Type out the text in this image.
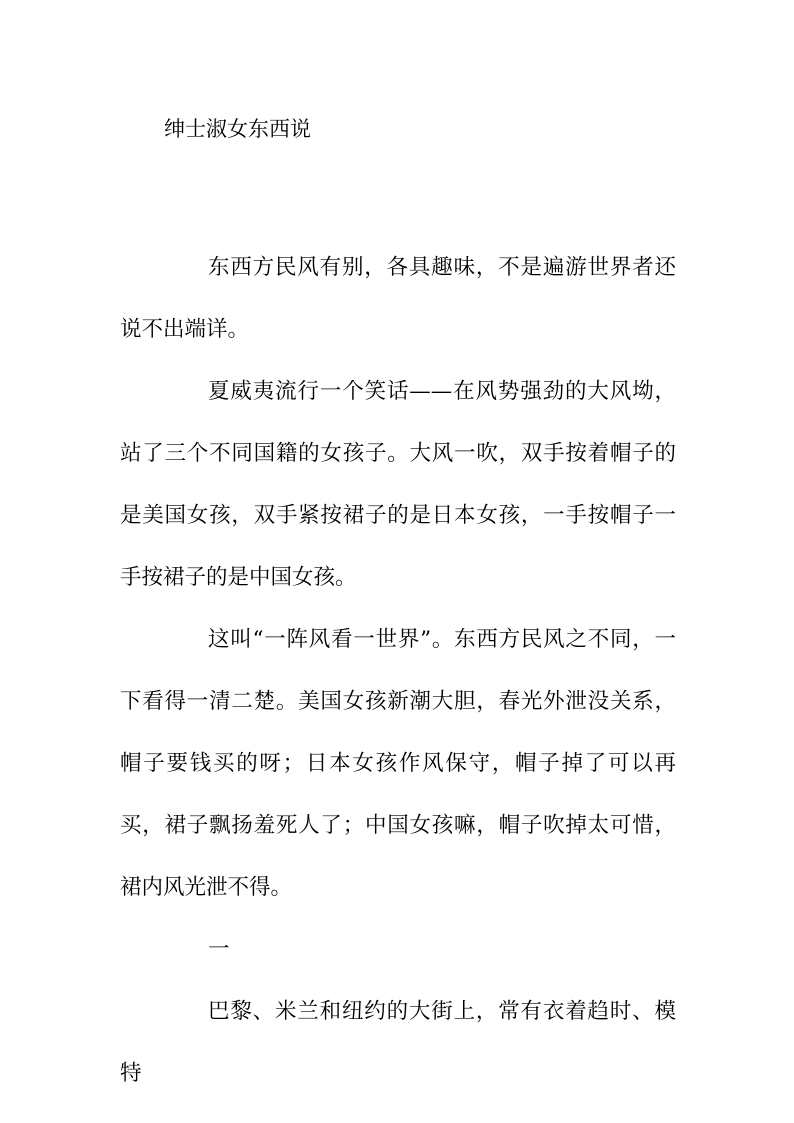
绅士淑女东西说

东西方民风有别，各具趣味，不是遍游世界者还说不出端详。

夏威夷流行一个笑话——在风势强劲的大风坳，站了三个不同国籍的女孩子。大风一吹，双手按着帽子的是美国女孩，双手紧按裙子的是日本女孩，一手按帽子一手按裙子的是中国女孩。

这叫“一阵风看一世界”。东西方民风之不同，一下看得一清二楚。美国女孩新潮大胆，春光外泄没关系，帽子要钱买的呀；日本女孩作风保守，帽子掉了可以再买，裙子飘扬羞死人了；中国女孩嘛，帽子吹掉太可惜，裙内风光泄不得。

一

巴黎、米兰和纽约的大街上，常有衣着趋时、模特
